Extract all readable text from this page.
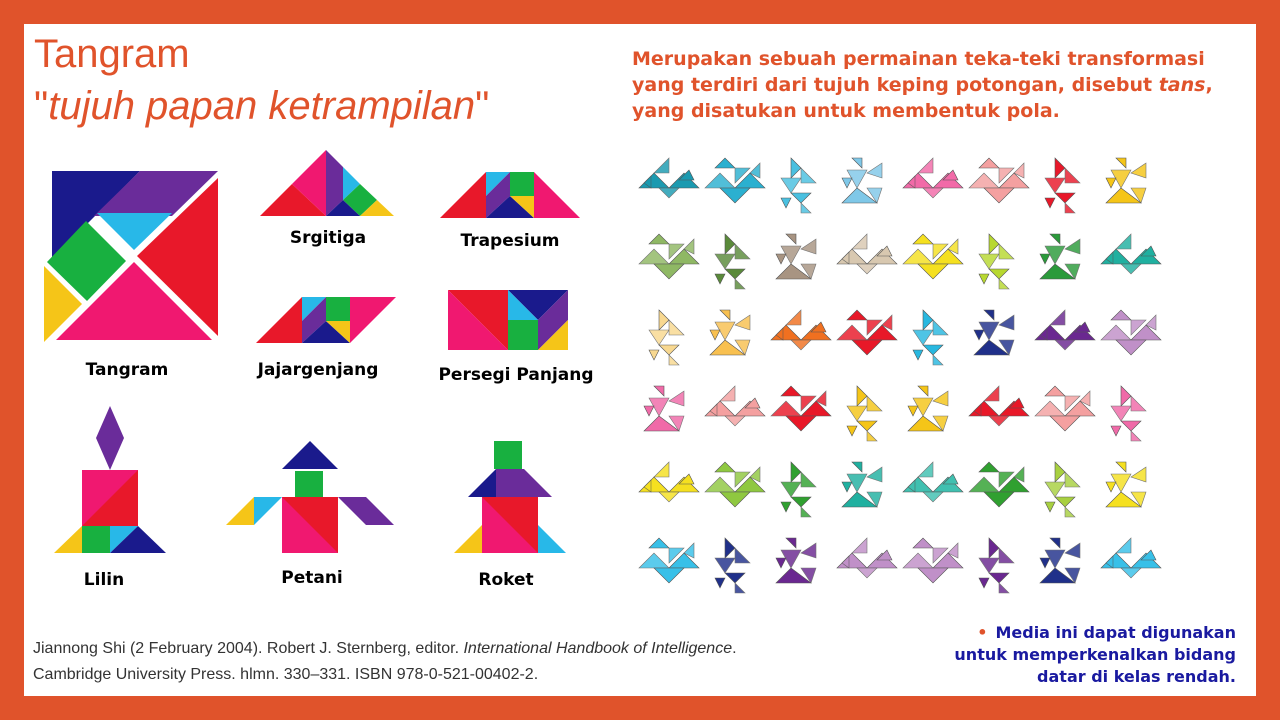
Tangram
"tujuh papan ketrampilan"
Merupakan sebuah permainan teka-teki transformasi yang terdiri dari tujuh keping potongan, disebut tans, yang disatukan untuk membentuk pola.
Tangram
Srgitiga	Trapesium
Jajargenjang	Persegi Panjang
Lilin	Petani	Roket
Jiannong Shi (2 February 2004). Robert J. Sternberg, editor. International Handbook of Intelligence.
Cambridge University Press. hlmn. 330–331. ISBN 978-0-521-00402-2.
• Media ini dapat digunakan untuk memperkenalkan bidang datar di kelas rendah.
